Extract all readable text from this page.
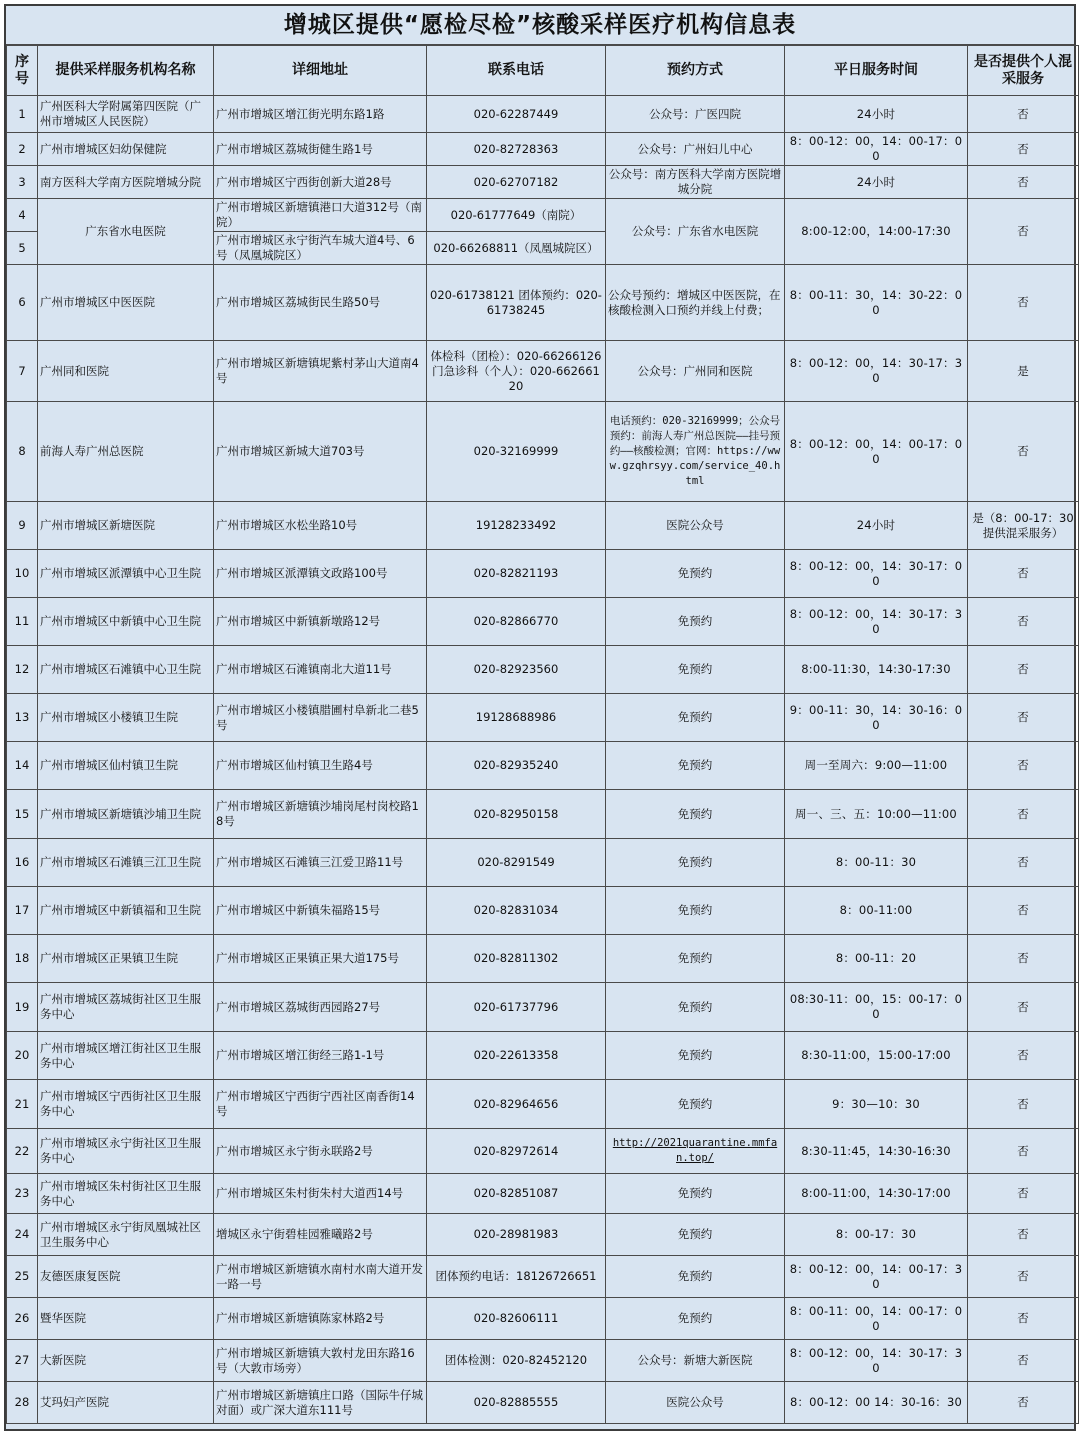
增城区提供“愿检尽检”核酸采样医疗机构信息表
序号	提供采样服务机构名称	详细地址	联系电话	预约方式	平日服务时间	是否提供个人混采服务
1	广州医科大学附属第四医院（广州市增城区人民医院）	广州市增城区增江街光明东路1路	020-62287449	公众号：广医四院	24小时	否
2	广州市增城区妇幼保健院	广州市增城区荔城街健生路1号	020-82728363	公众号：广州妇儿中心	8：00-12：00，14：00-17：00	否
3	南方医科大学南方医院增城分院	广州市增城区宁西街创新大道28号	020-62707182	公众号：南方医科大学南方医院增城分院	24小时	否
4	广东省水电医院	广州市增城区新塘镇港口大道312号（南院）	020-61777649（南院）	公众号：广东省水电医院	8:00-12:00，14:00-17:30	否
5		广州市增城区永宁街汽车城大道4号、6号（凤凰城院区）	020-66268811（凤凰城院区）			
6	广州市增城区中医医院	广州市增城区荔城街民生路50号	020-61738121 团体预约：020-61738245	公众号预约：增城区中医医院，在核酸检测入口预约并线上付费；	8：00-11：30，14：30-22：00	否
7	广州同和医院	广州市增城区新塘镇坭紫村茅山大道南4号	体检科（团检）：020-66266126 门急诊科（个人）：020-66266120	公众号：广州同和医院	8：00-12：00，14：30-17：30	是
8	前海人寿广州总医院	广州市增城区新城大道703号	020-32169999	电话预约：020-32169999；公众号预约：前海人寿广州总医院——挂号预约——核酸检测；官网：https://www.gzqhrsyy.com/service_40.html	8：00-12：00，14：00-17：00	否
9	广州市增城区新塘医院	广州市增城区水松坐路10号	19128233492	医院公众号	24小时	是（8：00-17：30提供混采服务）
10	广州市增城区派潭镇中心卫生院	广州市增城区派潭镇文政路100号	020-82821193	免预约	8：00-12：00，14：30-17：00	否
11	广州市增城区中新镇中心卫生院	广州市增城区中新镇新墩路12号	020-82866770	免预约	8：00-12：00，14：30-17：30	否
12	广州市增城区石滩镇中心卫生院	广州市增城区石滩镇南北大道11号	020-82923560	免预约	8:00-11:30，14:30-17:30	否
13	广州市增城区小楼镇卫生院	广州市增城区小楼镇腊圃村阜新北二巷5号	19128688986	免预约	9：00-11：30，14：30-16：00	否
14	广州市增城区仙村镇卫生院	广州市增城区仙村镇卫生路4号	020-82935240	免预约	周一至周六：9:00—11:00	否
15	广州市增城区新塘镇沙埔卫生院	广州市增城区新塘镇沙埔岗尾村岗校路18号	020-82950158	免预约	周一、三、五：10:00—11:00	否
16	广州市增城区石滩镇三江卫生院	广州市增城区石滩镇三江爱卫路11号	020-8291549	免预约	8：00-11：30	否
17	广州市增城区中新镇福和卫生院	广州市增城区中新镇朱福路15号	020-82831034	免预约	8：00-11:00	否
18	广州市增城区正果镇卫生院	广州市增城区正果镇正果大道175号	020-82811302	免预约	8：00-11：20	否
19	广州市增城区荔城街社区卫生服务中心	广州市增城区荔城街西园路27号	020-61737796	免预约	08:30-11：00，15：00-17：00	否
20	广州市增城区增江街社区卫生服务中心	广州市增城区增江街经三路1-1号	020-22613358	免预约	8:30-11:00，15:00-17:00	否
21	广州市增城区宁西街社区卫生服务中心	广州市增城区宁西街宁西社区南香街14号	020-82964656	免预约	9：30—10：30	否
22	广州市增城区永宁街社区卫生服务中心	广州市增城区永宁街永联路2号	020-82972614	http://2021quarantine.mmfan.top/	8:30-11:45，14:30-16:30	否
23	广州市增城区朱村街社区卫生服务中心	广州市增城区朱村街朱村大道西14号	020-82851087	免预约	8:00-11:00，14:30-17:00	否
24	广州市增城区永宁街凤凰城社区卫生服务中心	增城区永宁街碧桂园雅曦路2号	020-28981983	免预约	8：00-17：30	否
25	友德医康复医院	广州市增城区新塘镇水南村水南大道开发一路一号	团体预约电话：18126726651	免预约	8：00-12：00，14：00-17：30	否
26	暨华医院	广州市增城区新塘镇陈家林路2号	020-82606111	免预约	8：00-11：00，14：00-17：00	否
27	大新医院	广州市增城区新塘镇大敦村龙田东路16号（大敦市场旁）	团体检测：020-82452120	公众号：新塘大新医院	8：00-12：00，14：30-17：30	否
28	艾玛妇产医院	广州市增城区新塘镇庄口路（国际牛仔城对面）或广深大道东111号	020-82885555	医院公众号	8：00-12：00 14：30-16：30	否
